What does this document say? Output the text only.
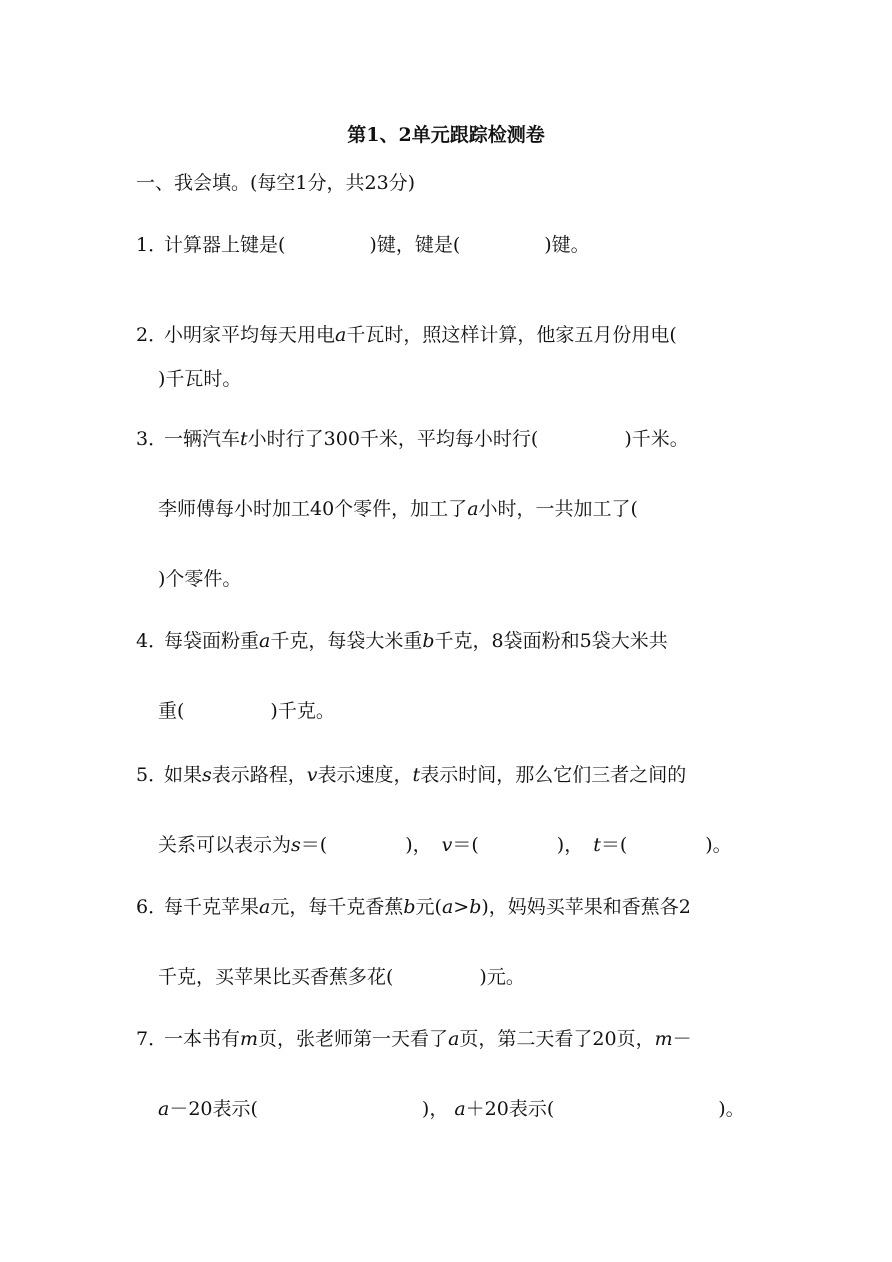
第1、2单元跟踪检测卷
一、我会填。(每空1分，共23分)
1．计算器上键是(	)键，键是(	)键。
2．小明家平均每天用电a千瓦时，照这样计算，他家五月份用电(
)千瓦时。
3．一辆汽车t小时行了300千米，平均每小时行(	)千米。
李师傅每小时加工40个零件，加工了a小时，一共加工了(
)个零件。
4．每袋面粉重a千克，每袋大米重b千克，8袋面粉和5袋大米共
重(	)千克。
5．如果s表示路程，v表示速度，t表示时间，那么它们三者之间的
关系可以表示为s＝(	)， v＝(	)， t＝(	)。
6．每千克苹果a元，每千克香蕉b元(a>b)，妈妈买苹果和香蕉各2
千克，买苹果比买香蕉多花(	)元。
7．一本书有m页，张老师第一天看了a页，第二天看了20页，m－
a－20表示(	)， a＋20表示(	)。
